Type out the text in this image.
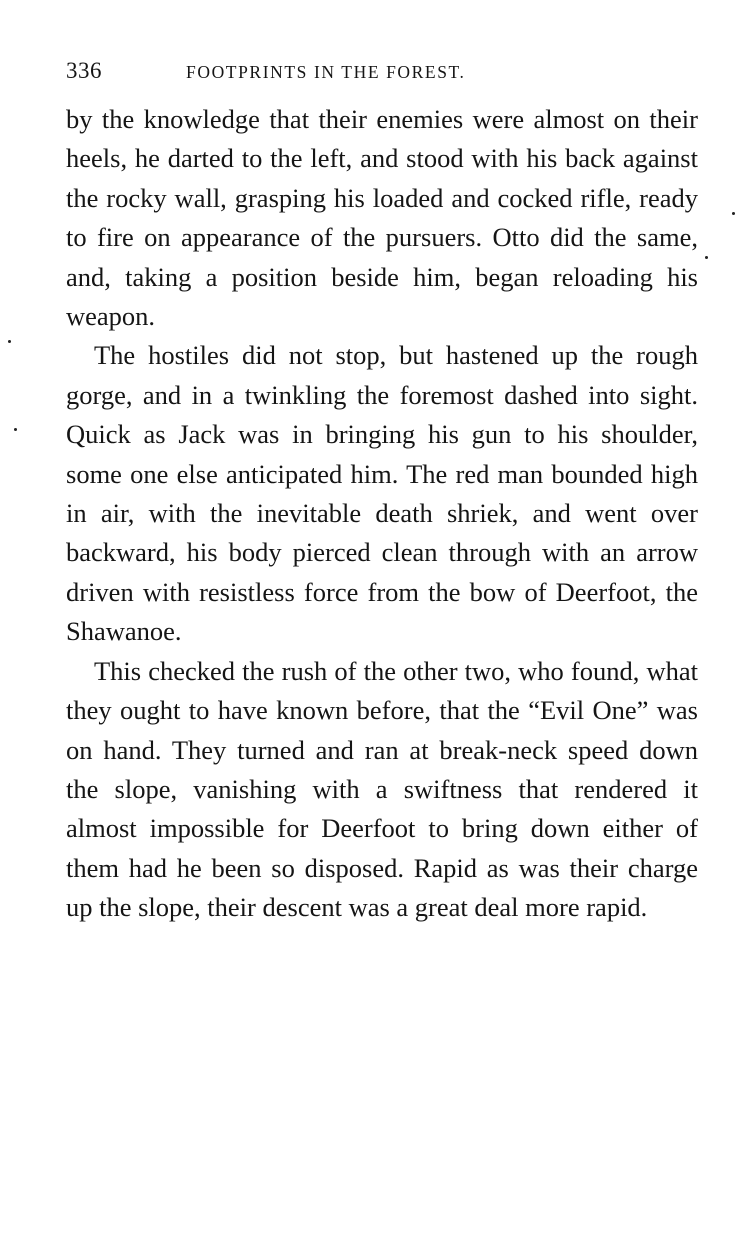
336	FOOTPRINTS IN THE FOREST.

by the knowledge that their enemies were almost on their heels, he darted to the left, and stood with his back against the rocky wall, grasping his loaded and cocked rifle, ready to fire on appearance of the pursuers. Otto did the same, and, taking a position beside him, began reloading his weapon.

The hostiles did not stop, but hastened up the rough gorge, and in a twinkling the foremost dashed into sight. Quick as Jack was in bringing his gun to his shoulder, some one else anticipated him. The red man bounded high in air, with the inevitable death shriek, and went over backward, his body pierced clean through with an arrow driven with resistless force from the bow of Deerfoot, the Shawanoe.

This checked the rush of the other two, who found, what they ought to have known before, that the “Evil One” was on hand. They turned and ran at break-neck speed down the slope, vanishing with a swiftness that rendered it almost impossible for Deerfoot to bring down either of them had he been so disposed. Rapid as was their charge up the slope, their descent was a great deal more rapid.
